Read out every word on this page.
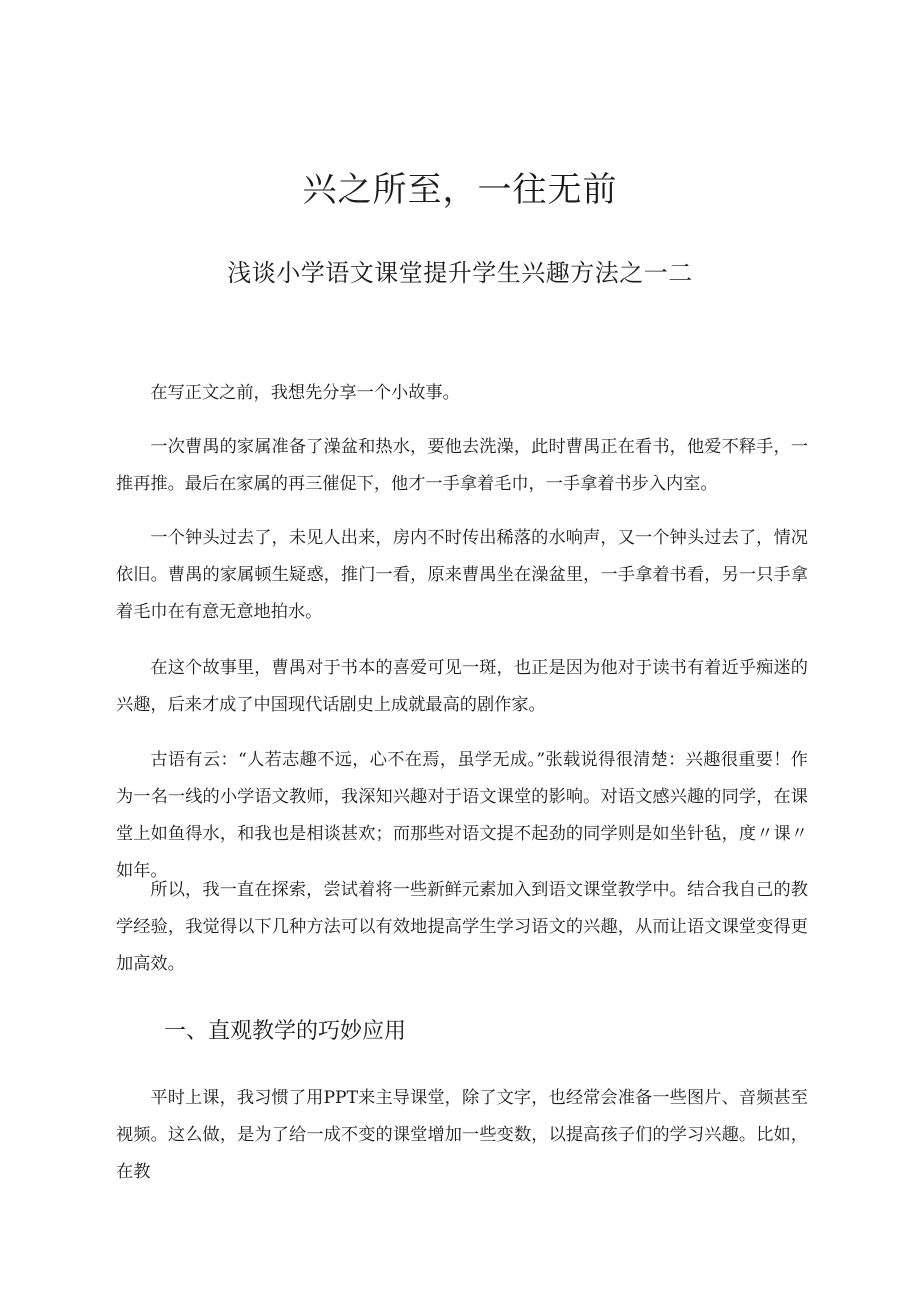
兴之所至，一往无前
浅谈小学语文课堂提升学生兴趣方法之一二

在写正文之前，我想先分享一个小故事。

一次曹禺的家属准备了澡盆和热水，要他去洗澡，此时曹禺正在看书，他爱不释手，一推再推。最后在家属的再三催促下，他才一手拿着毛巾，一手拿着书步入内室。

一个钟头过去了，未见人出来，房内不时传出稀落的水响声，又一个钟头过去了，情况依旧。曹禺的家属顿生疑惑，推门一看，原来曹禺坐在澡盆里，一手拿着书看，另一只手拿着毛巾在有意无意地拍水。

在这个故事里，曹禺对于书本的喜爱可见一斑，也正是因为他对于读书有着近乎痴迷的兴趣，后来才成了中国现代话剧史上成就最高的剧作家。

古语有云：“人若志趣不远，心不在焉，虽学无成。”张载说得很清楚：兴趣很重要！作为一名一线的小学语文教师，我深知兴趣对于语文课堂的影响。对语文感兴趣的同学，在课堂上如鱼得水，和我也是相谈甚欢；而那些对语文提不起劲的同学则是如坐针毡，度〃课〃如年。

所以，我一直在探索，尝试着将一些新鲜元素加入到语文课堂教学中。结合我自己的教学经验，我觉得以下几种方法可以有效地提高学生学习语文的兴趣，从而让语文课堂变得更加高效。

一、直观教学的巧妙应用

平时上课，我习惯了用PPT来主导课堂，除了文字，也经常会准备一些图片、音频甚至视频。这么做，是为了给一成不变的课堂增加一些变数，以提高孩子们的学习兴趣。比如，在教
